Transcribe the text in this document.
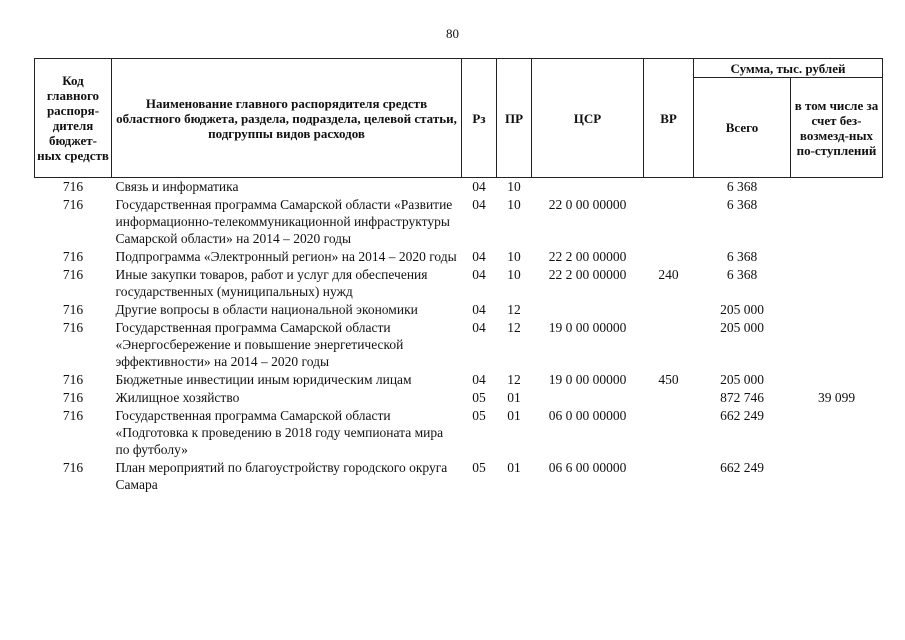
80
Код главного распоря-дителя бюджет-ных средств	Наименование главного распорядителя средств областного бюджета, раздела, подраздела, целевой статьи, подгруппы видов расходов	Рз	ПР	ЦСР	ВР	Сумма, тыс. рублей	
						Всего	в том числе за счет без-возмезд-ных по-ступлений
716	Связь и информатика	04	10			6 368	
716	Государственная программа Самарской области «Развитие информационно-телекоммуникационной инфраструктуры Самарской области» на 2014 – 2020 годы	04	10	22 0 00 00000		6 368	
716	Подпрограмма «Электронный регион» на 2014 – 2020 годы	04	10	22 2 00 00000		6 368	
716	Иные закупки товаров, работ и услуг для обеспечения государственных (муниципальных) нужд	04	10	22 2 00 00000	240	6 368	
716	Другие вопросы в области национальной экономики	04	12			205 000	
716	Государственная программа Самарской области «Энергосбережение и повышение энергетической эффективности» на 2014 – 2020 годы	04	12	19 0 00 00000		205 000	
716	Бюджетные инвестиции иным юридическим лицам	04	12	19 0 00 00000	450	205 000	
716	Жилищное хозяйство	05	01			872 746	39 099
716	Государственная программа Самарской области «Подготовка к проведению в 2018 году чемпионата мира по футболу»	05	01	06 0 00 00000		662 249	
716	План мероприятий по благоустройству городского округа Самара	05	01	06 6 00 00000		662 249	
